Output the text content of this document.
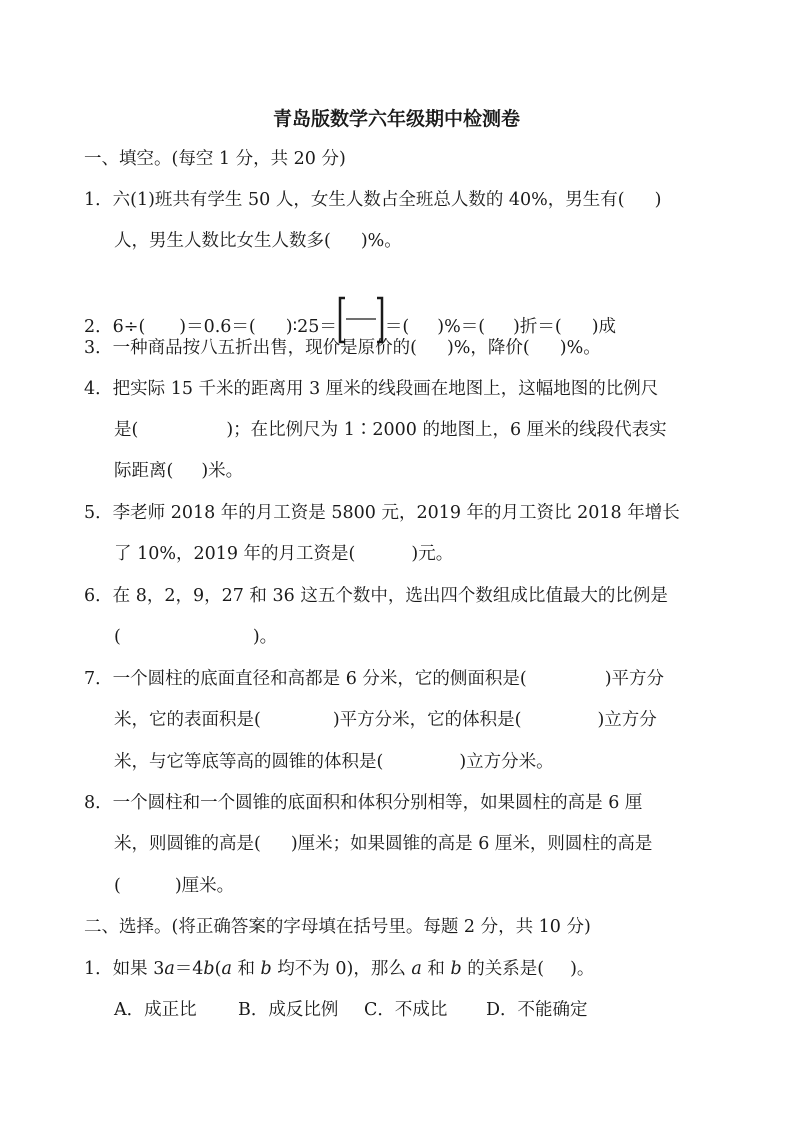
青岛版数学六年级期中检测卷
一、填空。(每空 1 分，共 20 分)
1．六(1)班共有学生 50 人，女生人数占全班总人数的 40%，男生有( )
人，男生人数比女生人数多( )%。
2．6÷( )＝0.6＝( )∶25＝	＝( )%＝( )折＝( )成
3．一种商品按八五折出售，现价是原价的( )%，降价( )%。
4．把实际 15 千米的距离用 3 厘米的线段画在地图上，这幅地图的比例尺
是(	)；在比例尺为 1∶2000 的地图上，6 厘米的线段代表实
际距离( )米。
5．李老师 2018 年的月工资是 5800 元，2019 年的月工资比 2018 年增长
了 10%，2019 年的月工资是(	)元。
6．在 8，2，9，27 和 36 这五个数中，选出四个数组成比值最大的比例是
(	)。
7．一个圆柱的底面直径和高都是 6 分米，它的侧面积是(	)平方分
米，它的表面积是(	)平方分米，它的体积是(	)立方分
米，与它等底等高的圆锥的体积是(	)立方分米。
8．一个圆柱和一个圆锥的底面积和体积分别相等，如果圆柱的高是 6 厘
米，则圆锥的高是( )厘米；如果圆锥的高是 6 厘米，则圆柱的高是
(	)厘米。
二、选择。(将正确答案的字母填在括号里。每题 2 分，共 10 分)
1．如果 3a＝4b(a 和 b 均不为 0)，那么 a 和 b 的关系是( )。
A．成正比 B．成反比例 C．不成比 D．不能确定
